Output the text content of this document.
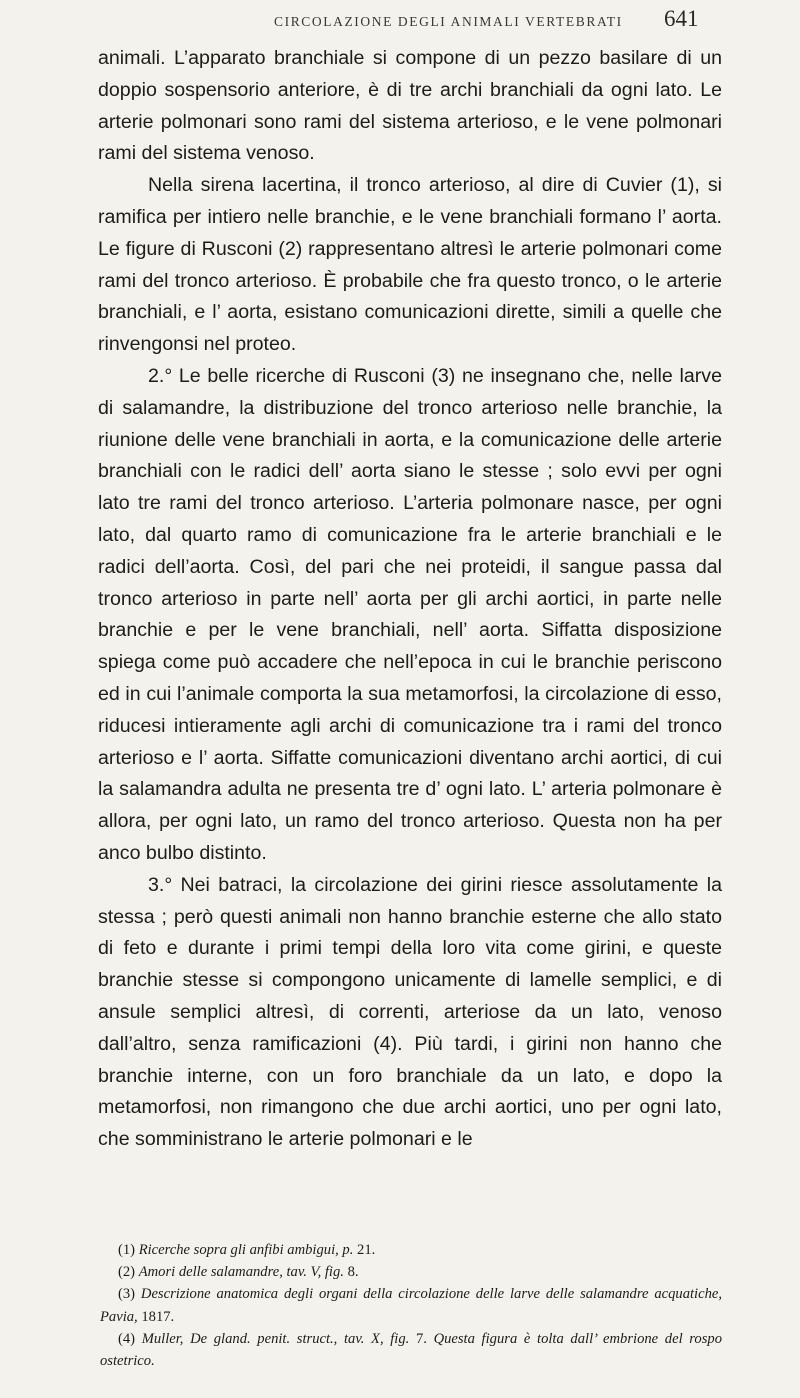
CIRCOLAZIONE DEGLI ANIMALI VERTEBRATI 641

animali. L’apparato branchiale si compone di un pezzo basilare di un doppio sospensorio anteriore, è di tre archi branchiali da ogni lato. Le arterie polmonari sono rami del sistema arterioso, e le vene polmonari rami del sistema venoso.

Nella sirena lacertina, il tronco arterioso, al dire di Cuvier (1), si ramifica per intiero nelle branchie, e le vene branchiali formano l’ aorta. Le figure di Rusconi (2) rappresentano altresì le arterie polmonari come rami del tronco arterioso. È probabile che fra questo tronco, o le arterie branchiali, e l’ aorta, esistano comunicazioni dirette, simili a quelle che rinvengonsi nel proteo.

2.° Le belle ricerche di Rusconi (3) ne insegnano che, nelle larve di salamandre, la distribuzione del tronco arterioso nelle branchie, la riunione delle vene branchiali in aorta, e la comunicazione delle arterie branchiali con le radici dell’ aorta siano le stesse ; solo evvi per ogni lato tre rami del tronco arterioso. L’arteria polmonare nasce, per ogni lato, dal quarto ramo di comunicazione fra le arterie branchiali e le radici dell’aorta. Così, del pari che nei proteidi, il sangue passa dal tronco arterioso in parte nell’ aorta per gli archi aortici, in parte nelle branchie e per le vene branchiali, nell’ aorta. Siffatta disposizione spiega come può accadere che nell’epoca in cui le branchie periscono ed in cui l’animale comporta la sua metamorfosi, la circolazione di esso, riducesi intieramente agli archi di comunicazione tra i rami del tronco arterioso e l’ aorta. Siffatte comunicazioni diventano archi aortici, di cui la salamandra adulta ne presenta tre d’ ogni lato. L’ arteria polmonare è allora, per ogni lato, un ramo del tronco arterioso. Questa non ha per anco bulbo distinto.

3.° Nei batraci, la circolazione dei girini riesce assolutamente la stessa ; però questi animali non hanno branchie esterne che allo stato di feto e durante i primi tempi della loro vita come girini, e queste branchie stesse si compongono unicamente di lamelle semplici, e di ansule semplici altresì, di correnti, arteriose da un lato, venoso dall’altro, senza ramificazioni (4). Più tardi, i girini non hanno che branchie interne, con un foro branchiale da un lato, e dopo la metamorfosi, non rimangono che due archi aortici, uno per ogni lato, che somministrano le arterie polmonari e le

(1) Ricerche sopra gli anfibi ambigui, p. 21.

(2) Amori delle salamandre, tav. V, fig. 8.

(3) Descrizione anatomica degli organi della circolazione delle larve delle salamandre acquatiche, Pavia, 1817.

(4) Muller, De gland. penit. struct., tav. X, fig. 7. Questa figura è tolta dall’ embrione del rospo ostetrico.
